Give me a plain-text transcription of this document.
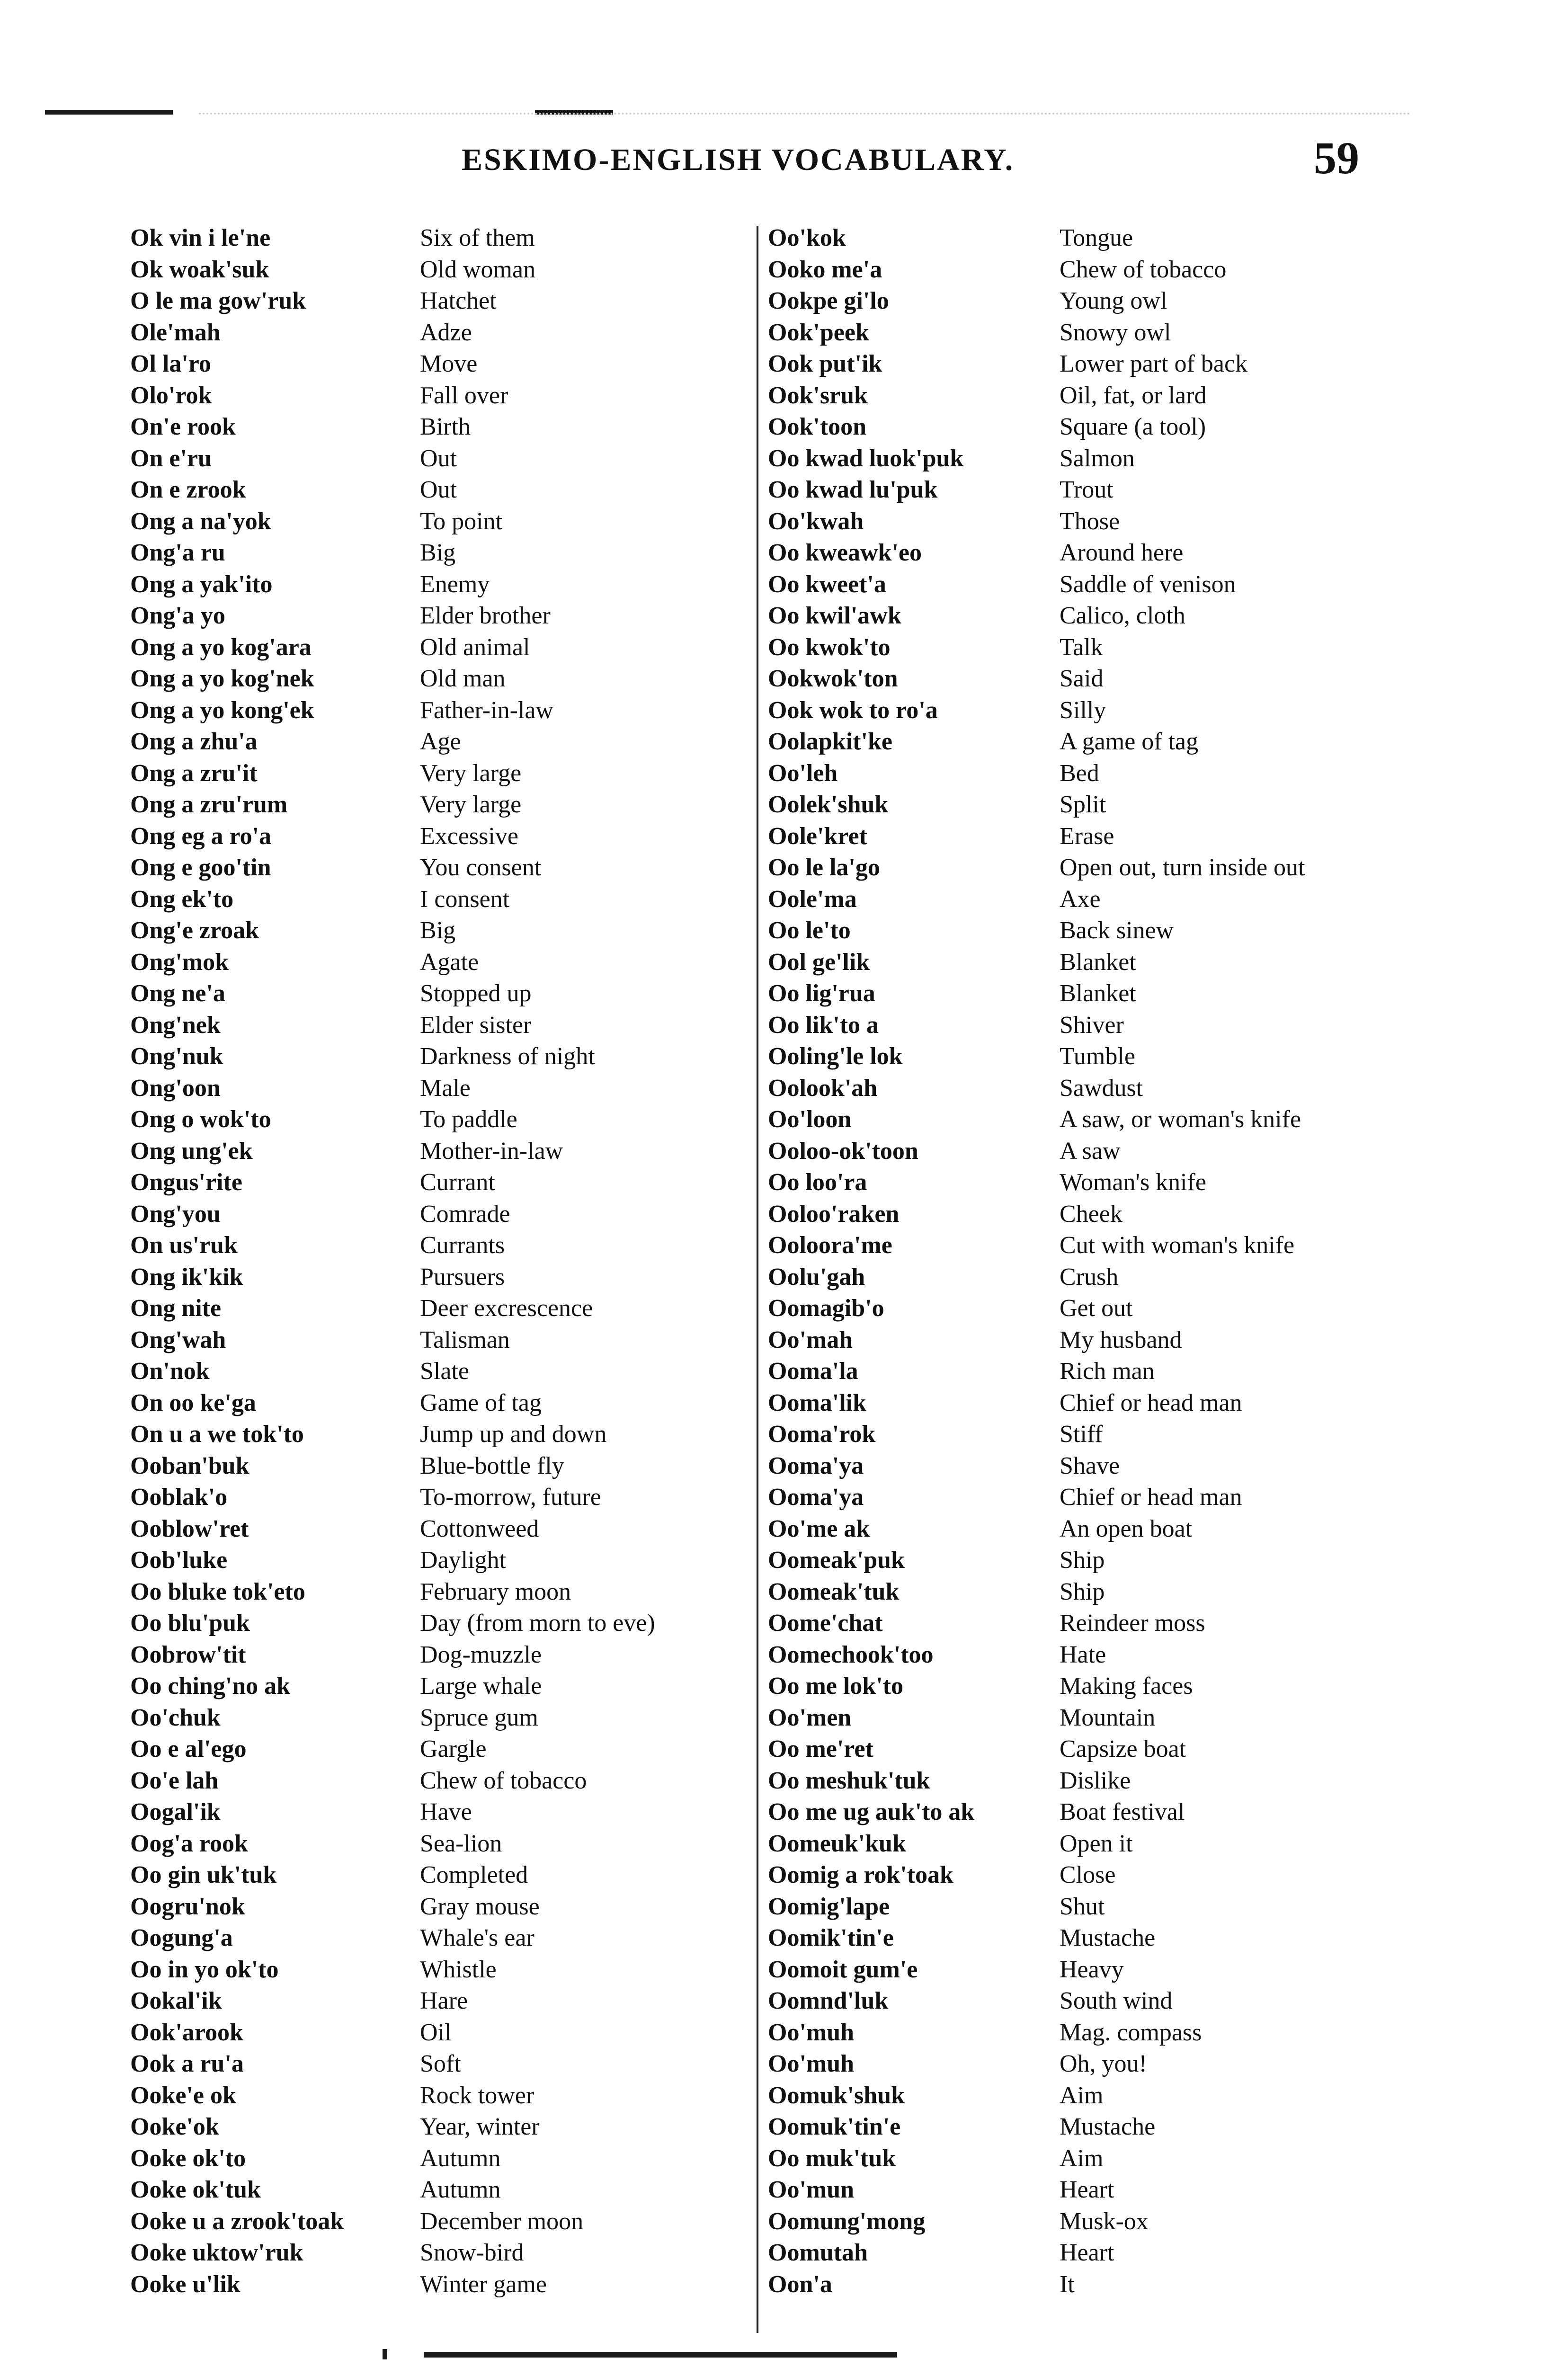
ESKIMO-ENGLISH VOCABULARY.	59
Ok vin i le'ne
Ok woak'suk
O le ma gow'ruk
Ole'mah
Ol la'ro
Olo'rok
On'e rook
On e'ru
On e zrook
Ong a na'yok
Ong'a ru
Ong a yak'ito
Ong'a yo
Ong a yo kog'ara
Ong a yo kog'nek
Ong a yo kong'ek
Ong a zhu'a
Ong a zru'it
Ong a zru'rum
Ong eg a ro'a
Ong e goo'tin
Ong ek'to
Ong'e zroak
Ong'mok
Ong ne'a
Ong'nek
Ong'nuk
Ong'oon
Ong o wok'to
Ong ung'ek
Ongus'rite
Ong'you
On us'ruk
Ong ik'kik
Ong nite
Ong'wah
On'nok
On oo ke'ga
On u a we tok'to
Ooban'buk
Ooblak'o
Ooblow'ret
Oob'luke
Oo bluke tok'eto
Oo blu'puk
Oobrow'tit
Oo ching'no ak
Oo'chuk
Oo e al'ego
Oo'e lah
Oogal'ik
Oog'a rook
Oo gin uk'tuk
Oogru'nok
Oogung'a
Oo in yo ok'to
Ookal'ik
Ook'arook
Ook a ru'a
Ooke'e ok
Ooke'ok
Ooke ok'to
Ooke ok'tuk
Ooke u a zrook'toak
Ooke uktow'ruk
Ooke u'lik
Six of them
Old woman
Hatchet
Adze
Move
Fall over
Birth
Out
Out
To point
Big
Enemy
Elder brother
Old animal
Old man
Father-in-law
Age
Very large
Very large
Excessive
You consent
I consent
Big
Agate
Stopped up
Elder sister
Darkness of night
Male
To paddle
Mother-in-law
Currant
Comrade
Currants
Pursuers
Deer excrescence
Talisman
Slate
Game of tag
Jump up and down
Blue-bottle fly
To-morrow, future
Cottonweed
Daylight
February moon
Day (from morn to eve)
Dog-muzzle
Large whale
Spruce gum
Gargle
Chew of tobacco
Have
Sea-lion
Completed
Gray mouse
Whale's ear
Whistle
Hare
Oil
Soft
Rock tower
Year, winter
Autumn
Autumn
December moon
Snow-bird
Winter game
Oo'kok
Ooko me'a
Ookpe gi'lo
Ook'peek
Ook put'ik
Ook'sruk
Ook'toon
Oo kwad luok'puk
Oo kwad lu'puk
Oo'kwah
Oo kweawk'eo
Oo kweet'a
Oo kwil'awk
Oo kwok'to
Ookwok'ton
Ook wok to ro'a
Oolapkit'ke
Oo'leh
Oolek'shuk
Oole'kret
Oo le la'go
Oole'ma
Oo le'to
Ool ge'lik
Oo lig'rua
Oo lik'to a
Ooling'le lok
Oolook'ah
Oo'loon
Ooloo-ok'toon
Oo loo'ra
Ooloo'raken
Ooloora'me
Oolu'gah
Oomagib'o
Oo'mah
Ooma'la
Ooma'lik
Ooma'rok
Ooma'ya
Ooma'ya
Oo'me ak
Oomeak'puk
Oomeak'tuk
Oome'chat
Oomechook'too
Oo me lok'to
Oo'men
Oo me'ret
Oo meshuk'tuk
Oo me ug auk'to ak
Oomeuk'kuk
Oomig a rok'toak
Oomig'lape
Oomik'tin'e
Oomoit gum'e
Oomnd'luk
Oo'muh
Oo'muh
Oomuk'shuk
Oomuk'tin'e
Oo muk'tuk
Oo'mun
Oomung'mong
Oomutah
Oon'a
Tongue
Chew of tobacco
Young owl
Snowy owl
Lower part of back
Oil, fat, or lard
Square (a tool)
Salmon
Trout
Those
Around here
Saddle of venison
Calico, cloth
Talk
Said
Silly
A game of tag
Bed
Split
Erase
Open out, turn inside out
Axe
Back sinew
Blanket
Blanket
Shiver
Tumble
Sawdust
A saw, or woman's knife
A saw
Woman's knife
Cheek
Cut with woman's knife
Crush
Get out
My husband
Rich man
Chief or head man
Stiff
Shave
Chief or head man
An open boat
Ship
Ship
Reindeer moss
Hate
Making faces
Mountain
Capsize boat
Dislike
Boat festival
Open it
Close
Shut
Mustache
Heavy
South wind
Mag. compass
Oh, you!
Aim
Mustache
Aim
Heart
Musk-ox
Heart
It
